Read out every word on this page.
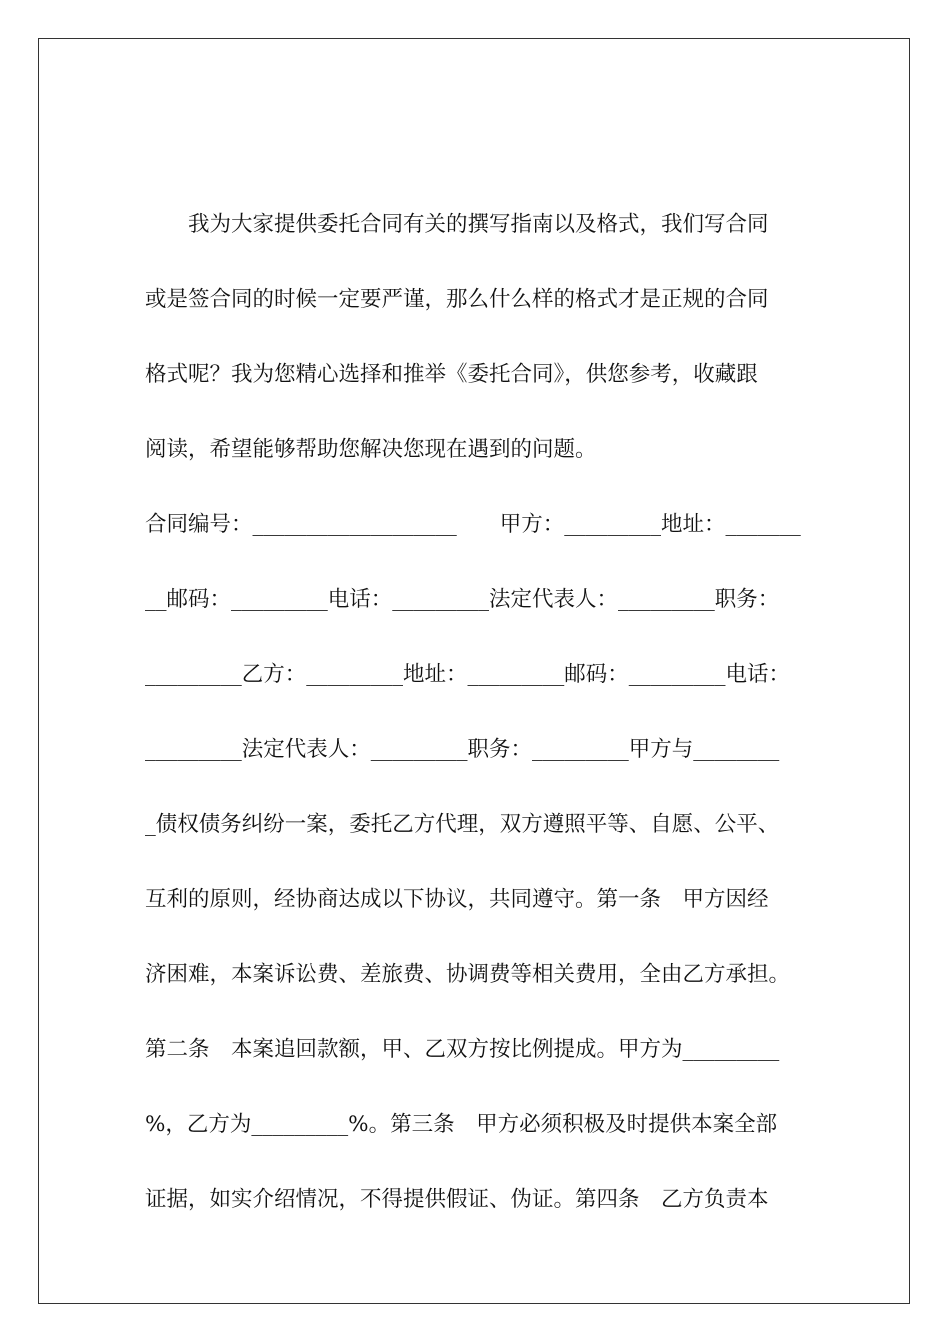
　　我为大家提供委托合同有关的撰写指南以及格式，我们写合同
或是签合同的时候一定要严谨，那么什么样的格式才是正规的合同
格式呢？我为您精心选择和推举《委托合同》，供您参考，收藏跟
阅读，希望能够帮助您解决您现在遇到的问题。
合同编号：___________________　　甲方：_________地址：_______
__邮码：_________电话：_________法定代表人：_________职务：
_________乙方：_________地址：_________邮码：_________电话：
_________法定代表人：_________职务：_________甲方与________
_债权债务纠纷一案，委托乙方代理，双方遵照平等、自愿、公平、
互利的原则，经协商达成以下协议，共同遵守。第一条　甲方因经
济困难，本案诉讼费、差旅费、协调费等相关费用，全由乙方承担。
第二条　本案追回款额，甲、乙双方按比例提成。甲方为_________
%，乙方为_________%。第三条　甲方必须积极及时提供本案全部
证据，如实介绍情况，不得提供假证、伪证。第四条　乙方负责本
